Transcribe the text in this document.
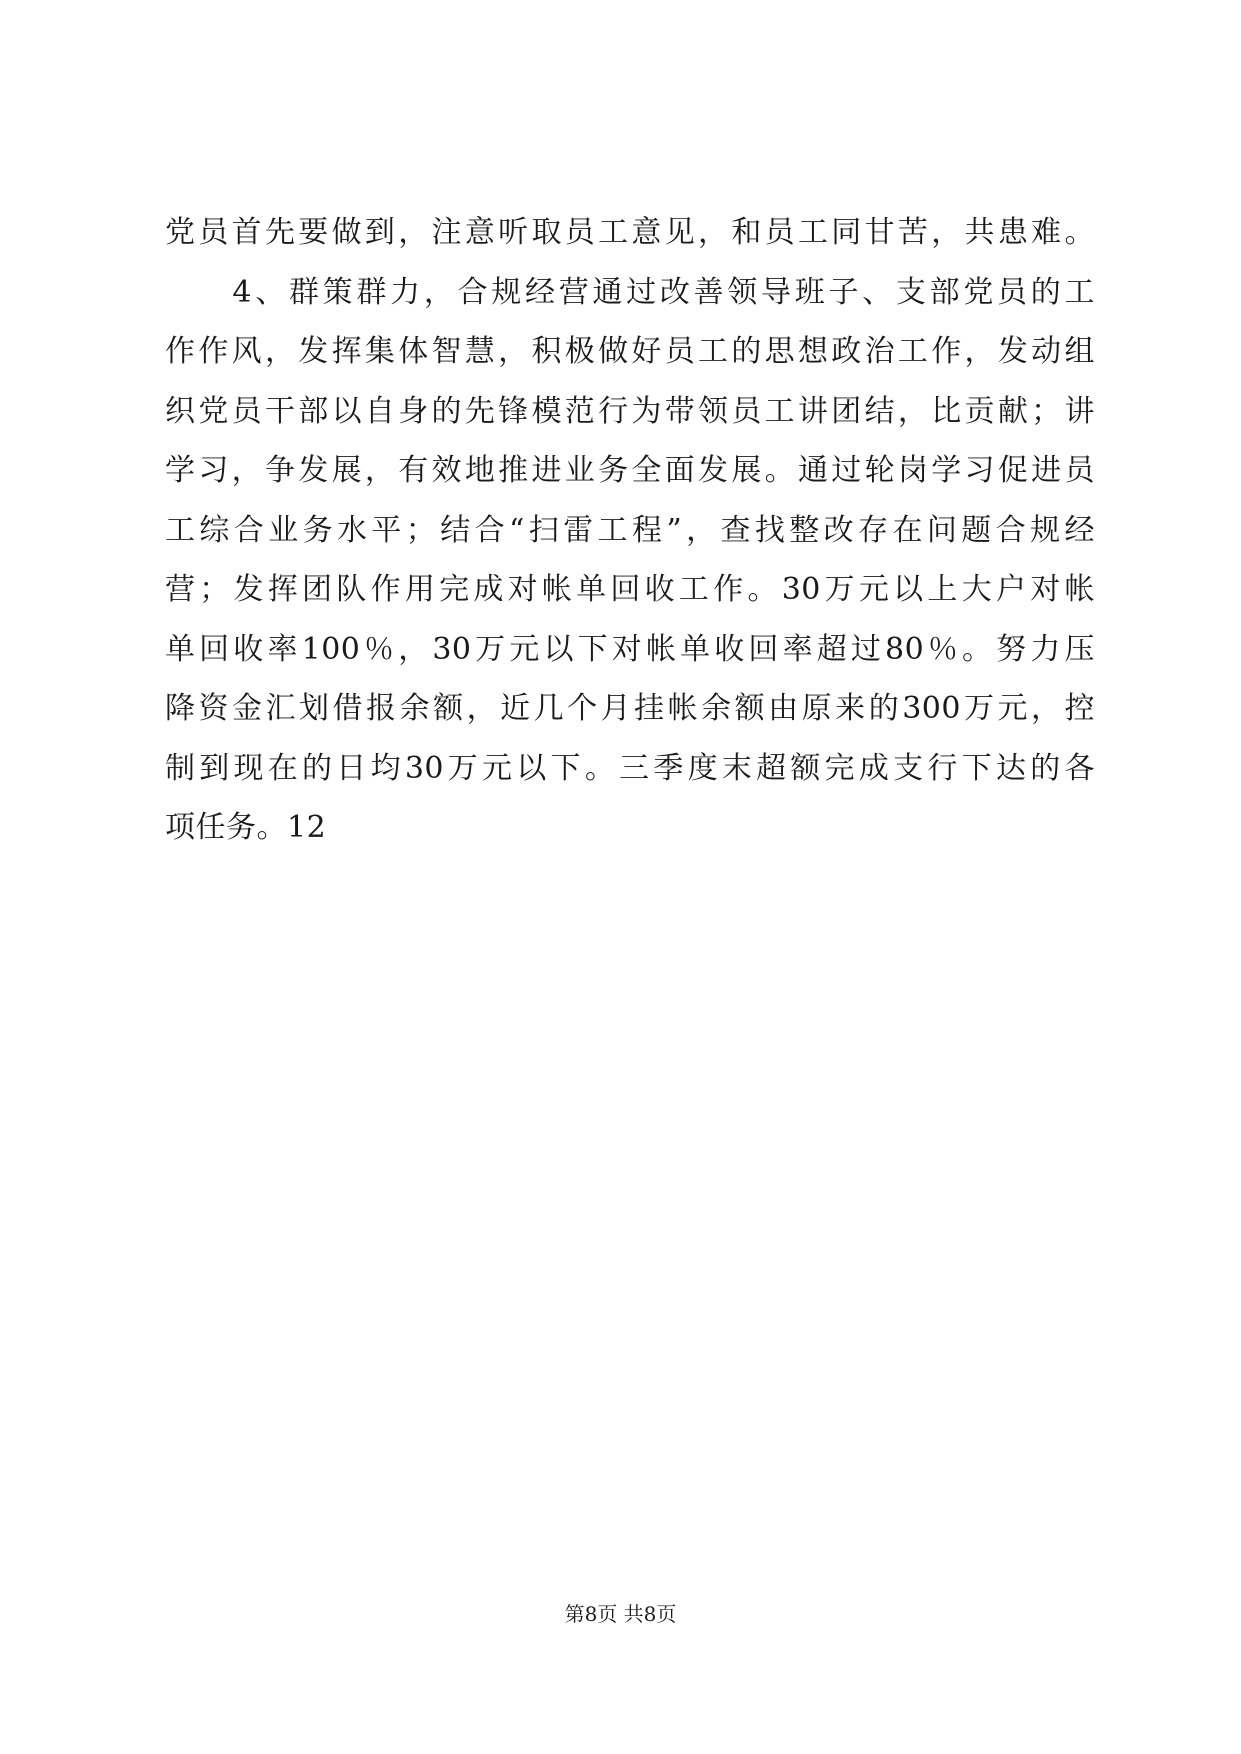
党员首先要做到，注意听取员工意见，和员工同甘苦，共患难。
　　4、群策群力，合规经营通过改善领导班子、支部党员的工
作作风，发挥集体智慧，积极做好员工的思想政治工作，发动组
织党员干部以自身的先锋模范行为带领员工讲团结，比贡献；讲
学习，争发展，有效地推进业务全面发展。通过轮岗学习促进员
工综合业务水平；结合“扫雷工程”，查找整改存在问题合规经
营；发挥团队作用完成对帐单回收工作。30万元以上大户对帐
单回收率100％，30万元以下对帐单收回率超过80％。努力压
降资金汇划借报余额，近几个月挂帐余额由原来的300万元，控
制到现在的日均30万元以下。三季度末超额完成支行下达的各
项任务。12
第8页 共8页
